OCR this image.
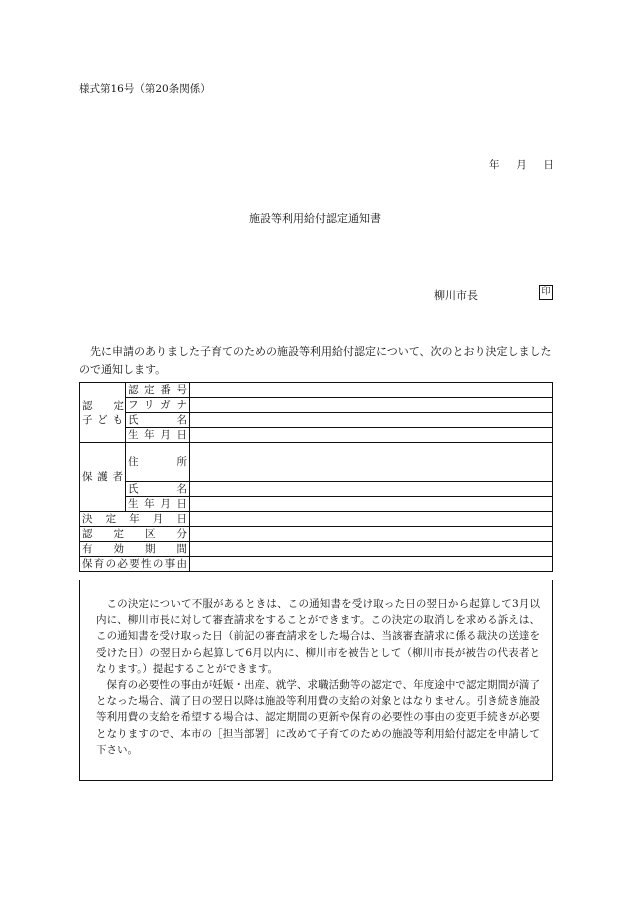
様式第16号（第20条関係）
年 月 日
施設等利用給付認定通知書
柳川市長	印
先に申請のありました子育てのための施設等利用給付認定について、次のとおり決定しましたので通知します。
認　　定
子 ど も	認定番号	
	フリガナ	
	氏　　名	
	生年月日	
保 護 者	住　　所	
	氏　　名	
	生年月日	
決定年月日		
認定区分		
有効期間		
保育の必要性の事由		

この決定について不服があるときは、この通知書を受け取った日の翌日から起算して3月以内に、柳川市長に対して審査請求をすることができます。この決定の取消しを求める訴えは、この通知書を受け取った日（前記の審査請求をした場合は、当該審査請求に係る裁決の送達を受けた日）の翌日から起算して6月以内に、柳川市を被告として（柳川市長が被告の代表者となります。）提起することができます。

保育の必要性の事由が妊娠・出産、就学、求職活動等の認定で、年度途中で認定期間が満了となった場合、満了日の翌日以降は施設等利用費の支給の対象とはなりません。引き続き施設等利用費の支給を希望する場合は、認定期間の更新や保育の必要性の事由の変更手続きが必要となりますので、本市の［担当部署］に改めて子育てのための施設等利用給付認定を申請して下さい。
